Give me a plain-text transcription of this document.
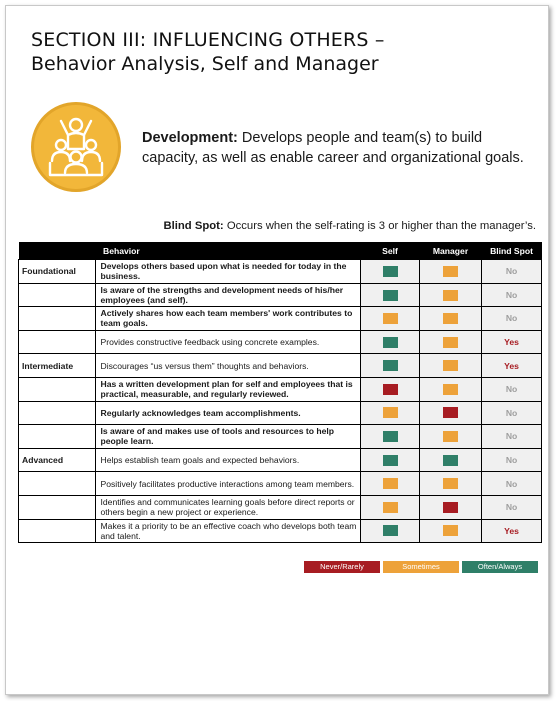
SECTION III: INFLUENCING OTHERS –
Behavior Analysis, Self and Manager

Development: Develops people and team(s) to build capacity, as well as enable career and organizational goals.

Blind Spot: Occurs when the self-rating is 3 or higher than the manager’s.

	Behavior	Self	Manager	Blind Spot
Foundational	Develops others based upon what is needed for today in the business.			No
	Is aware of the strengths and development needs of his/her employees (and self).			No
	Actively shares how each team members' work contributes to team goals.			No
	Provides constructive feedback using concrete examples.			Yes
Intermediate	Discourages “us versus them” thoughts and behaviors.			Yes
	Has a written development plan for self and employees that is practical, measurable, and regularly reviewed.			No
	Regularly acknowledges team accomplishments.			No
	Is aware of and makes use of tools and resources to help people learn.			No
Advanced	Helps establish team goals and expected behaviors.			No
	Positively facilitates productive interactions among team members.			No
	Identifies and communicates learning goals before direct reports or others begin a new project or experience.			No
	Makes it a priority to be an effective coach who develops both team and talent.			Yes
Never/Rarely	Sometimes	Often/Always
